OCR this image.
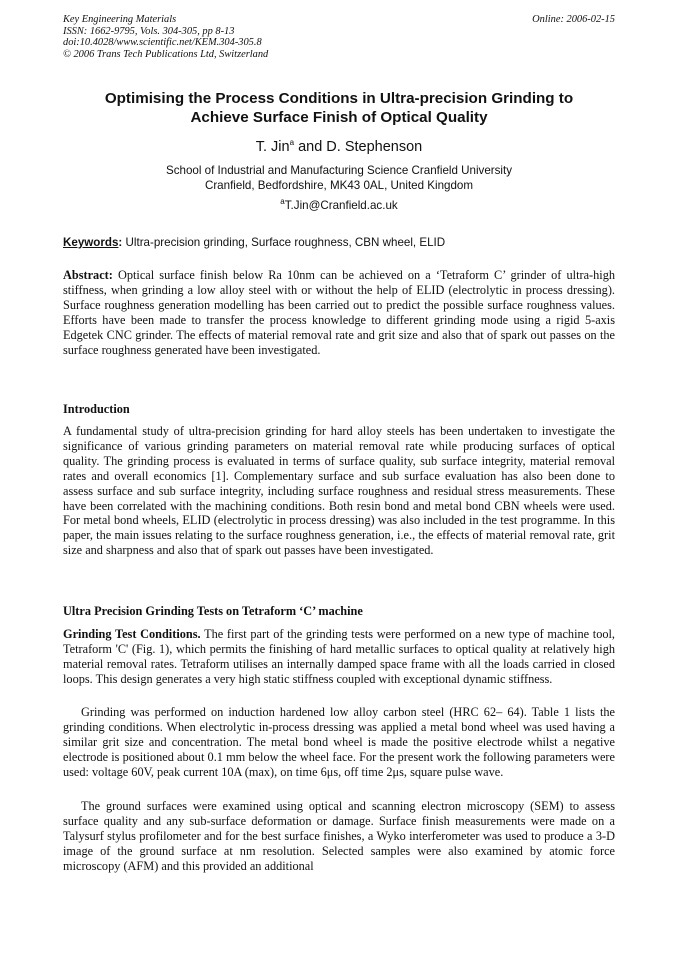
Key Engineering Materials
ISSN: 1662-9795, Vols. 304-305, pp 8-13
doi:10.4028/www.scientific.net/KEM.304-305.8
© 2006 Trans Tech Publications Ltd, Switzerland
Online: 2006-02-15
Optimising the Process Conditions in Ultra-precision Grinding to
Achieve Surface Finish of Optical Quality
T. Jin$^a$ and D. Stephenson
School of Industrial and Manufacturing Science Cranfield University
Cranfield, Bedfordshire, MK43 0AL, United Kingdom
$^a$T.Jin@Cranfield.ac.uk
Keywords: Ultra-precision grinding, Surface roughness, CBN wheel, ELID

Abstract: Optical surface finish below Ra 10nm can be achieved on a ‘Tetraform C’ grinder of ultra-high stiffness, when grinding a low alloy steel with or without the help of ELID (electrolytic in process dressing). Surface roughness generation modelling has been carried out to predict the possible surface roughness values. Efforts have been made to transfer the process knowledge to different grinding mode using a rigid 5-axis Edgetek CNC grinder. The effects of material removal rate and grit size and also that of spark out passes on the surface roughness generated have been investigated.

Introduction

A fundamental study of ultra-precision grinding for hard alloy steels has been undertaken to investigate the significance of various grinding parameters on material removal rate while producing surfaces of optical quality. The grinding process is evaluated in terms of surface quality, sub surface integrity, material removal rates and overall economics [1]. Complementary surface and sub surface evaluation has also been done to assess surface and sub surface integrity, including surface roughness and residual stress measurements. These have been correlated with the machining conditions. Both resin bond and metal bond CBN wheels were used. For metal bond wheels, ELID (electrolytic in process dressing) was also included in the test programme. In this paper, the main issues relating to the surface roughness generation, i.e., the effects of material removal rate, grit size and sharpness and also that of spark out passes have been investigated.

Ultra Precision Grinding Tests on Tetraform ‘C’ machine

Grinding Test Conditions. The first part of the grinding tests were performed on a new type of machine tool, Tetraform 'C' (Fig. 1), which permits the finishing of hard metallic surfaces to optical quality at relatively high material removal rates. Tetraform utilises an internally damped space frame with all the loads carried in closed loops. This design generates a very high static stiffness coupled with exceptional dynamic stiffness.

Grinding was performed on induction hardened low alloy carbon steel (HRC 62– 64). Table 1 lists the grinding conditions. When electrolytic in-process dressing was applied a metal bond wheel was used having a similar grit size and concentration. The metal bond wheel is made the positive electrode whilst a negative electrode is positioned about 0.1 mm below the wheel face. For the present work the following parameters were used: voltage 60V, peak current 10A (max), on time 6μs, off time 2μs, square pulse wave.

The ground surfaces were examined using optical and scanning electron microscopy (SEM) to assess surface quality and any sub-surface deformation or damage. Surface finish measurements were made on a Talysurf stylus profilometer and for the best surface finishes, a Wyko interferometer was used to produce a 3-D image of the ground surface at nm resolution. Selected samples were also examined by atomic force microscopy (AFM) and this provided an additional
